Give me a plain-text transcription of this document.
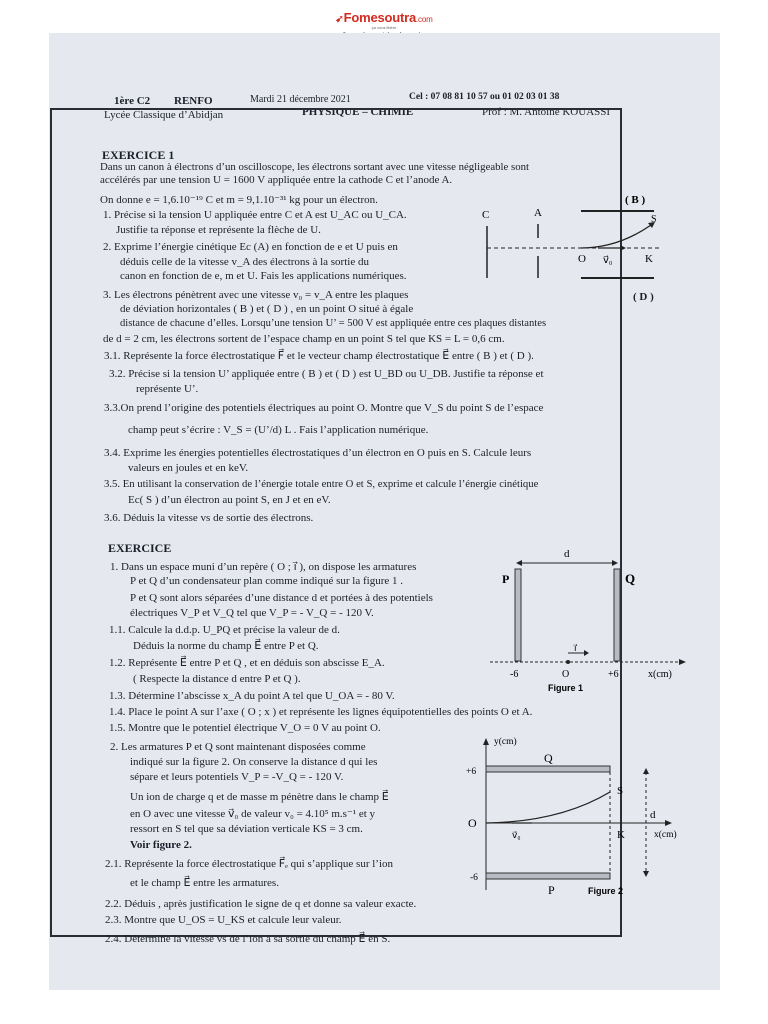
➹Fomesoutra.com
ça vous libère
1ère C2 RENFO	Mardi 21 décembre 2021	Cel : 07 08 81 10 57 ou 01 02 03 01 38
Lycée Classique d’Abidjan	PHYSIQUE – CHIMIE	Prof : M. Antoine KOUASSI
EXERCICE 1
Dans un canon à électrons d’un oscilloscope, les électrons sortant avec une vitesse négligeable sont
accélérés par une tension U = 1600 V appliquée entre la cathode C et l’anode A.
On donne e = 1,6.10⁻¹⁹ C et m = 9,1.10⁻³¹ kg pour un électron.
1. Précise si la tension U appliquée entre C et A est U_AC ou U_CA.
Justifie ta réponse et représente la flèche de U.
2. Exprime l’énergie cinétique Ec (A) en fonction de e et U puis en
déduis celle de la vitesse v_A des électrons à la sortie du
canon en fonction de e, m et U. Fais les applications numériques.
3. Les électrons pénètrent avec une vitesse v₀ = v_A entre les plaques
de déviation horizontales ( B ) et ( D ) , en un point O situé à égale
distance de chacune d’elles. Lorsqu’une tension U’ = 500 V est appliquée entre ces plaques distantes
de d = 2 cm, les électrons sortent de l’espace champ en un point S tel que KS = L = 0,6 cm.
3.1. Représente la force électrostatique F⃗ et le vecteur champ électrostatique E⃗ entre ( B ) et ( D ).
3.2. Précise si la tension U’ appliquée entre ( B ) et ( D ) est U_BD ou U_DB. Justifie ta réponse et
représente U’.
3.3.On prend l’origine des potentiels électriques au point O. Montre que V_S du point S de l’espace
champ peut s’écrire : V_S = (U’/d) L . Fais l’application numérique.
3.4. Exprime les énergies potentielles électrostatiques d’un électron en O puis en S. Calcule leurs
valeurs en joules et en keV.
3.5. En utilisant la conservation de l’énergie totale entre O et S, exprime et calcule l’énergie cinétique
Ec( S ) d’un électron au point S, en J et en eV.
3.6. Déduis la vitesse vs de sortie des électrons.
C	A
( B )
S
O v⃗₀	K
( D )
EXERCICE
1. Dans un espace muni d’un repère ( O ; i⃗ ), on dispose les armatures
P et Q d’un condensateur plan comme indiqué sur la figure 1 .
P et Q sont alors séparées d’une distance d et portées à des potentiels
électriques V_P et V_Q tel que V_P = - V_Q = - 120 V.
1.1. Calcule la d.d.p. U_PQ et précise la valeur de d.
Déduis la norme du champ E⃗ entre P et Q.
1.2. Représente E⃗ entre P et Q , et en déduis son abscisse E_A.
( Respecte la distance d entre P et Q ).
1.3. Détermine l’abscisse x_A du point A tel que U_OA = - 80 V.
1.4. Place le point A sur l’axe ( O ; x ) et représente les lignes équipotentielles des points O et A.
1.5. Montre que le potentiel électrique V_O = 0 V au point O.
2. Les armatures P et Q sont maintenant disposées comme
indiqué sur la figure 2. On conserve la distance d qui les
sépare et leurs potentiels V_P = -V_Q = - 120 V.
Un ion de charge q et de masse m pénètre dans le champ E⃗
en O avec une vitesse v⃗₀ de valeur v₀ = 4.10⁵ m.s⁻¹ et y
ressort en S tel que sa déviation verticale KS = 3 cm.
Voir figure 2.
2.1. Représente la force électrostatique F⃗ₑ qui s’applique sur l’ion
et le champ E⃗ entre les armatures.
2.2. Déduis , après justification le signe de q et donne sa valeur exacte.
2.3. Montre que U_OS = U_KS et calcule leur valeur.
2.4. Détermine la vitesse vs de l’ion à sa sortie du champ E⃗ en S.
d
P	Q
i⃗
-6	O	+6	x(cm)
Figure 1
y(cm)
Q
+6
-6
P	Figure 2
x(cm)
O
S
K
v⃗₀
d
